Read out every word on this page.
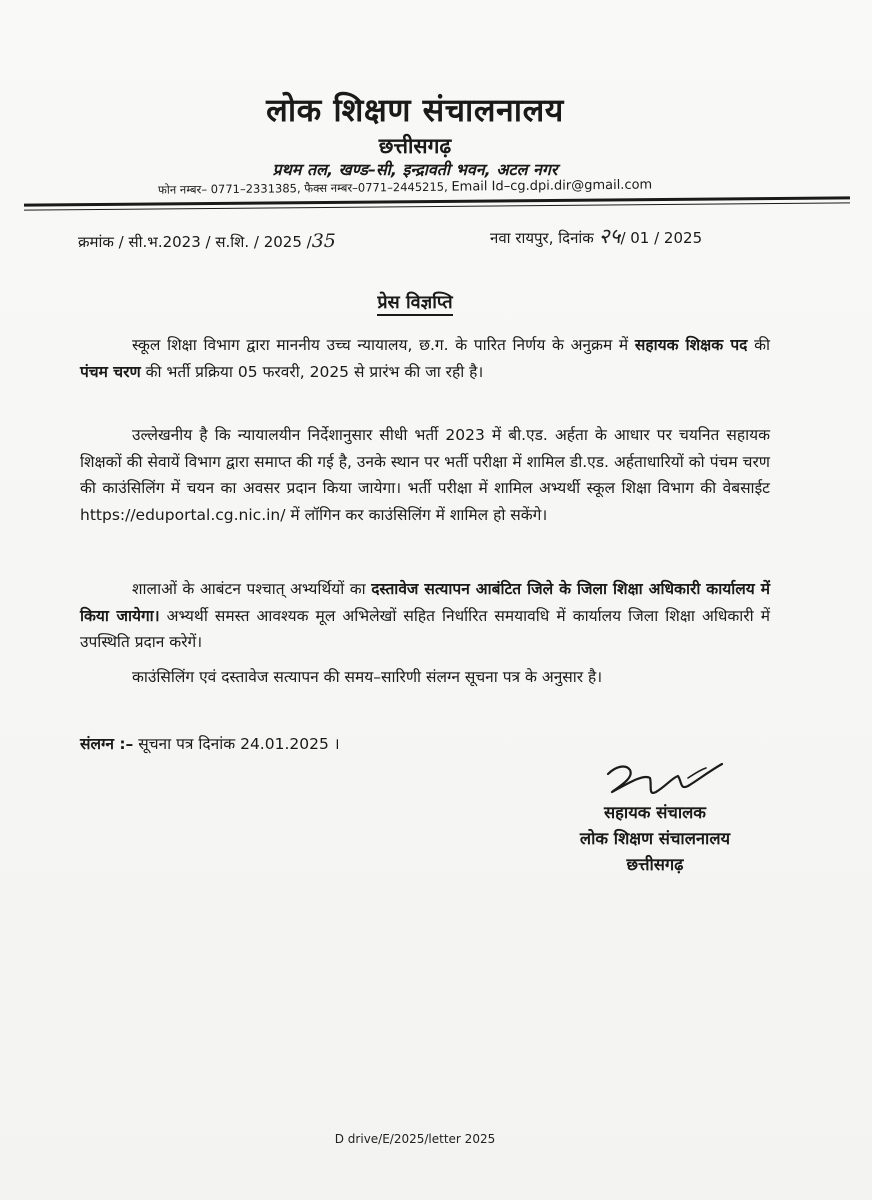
लोक शिक्षण संचालनालय
छत्तीसगढ़
प्रथम तल, खण्ड–सी, इन्द्रावती भवन, अटल नगर
फोन नम्बर– 0771–2331385, फैक्स नम्बर–0771–2445215, Email Id–cg.dpi.dir@gmail.com
क्रमांक / सी.भ.2023 / स.शि. / 2025 /35	नवा रायपुर, दिनांक २५/ 01 / 2025
प्रेस विज्ञप्ति
स्कूल शिक्षा विभाग द्वारा माननीय उच्च न्यायालय, छ.ग. के पारित निर्णय के अनुक्रम में सहायक शिक्षक पद की पंचम चरण की भर्ती प्रक्रिया 05 फरवरी, 2025 से प्रारंभ की जा रही है।
उल्लेखनीय है कि न्यायालयीन निर्देशानुसार सीधी भर्ती 2023 में बी.एड. अर्हता के आधार पर चयनित सहायक शिक्षकों की सेवायें विभाग द्वारा समाप्त की गई है, उनके स्थान पर भर्ती परीक्षा में शामिल डी.एड. अर्हताधारियों को पंचम चरण की काउंसिलिंग में चयन का अवसर प्रदान किया जायेगा। भर्ती परीक्षा में शामिल अभ्यर्थी स्कूल शिक्षा विभाग की वेबसाईट https://eduportal.cg.nic.in/ में लॉगिन कर काउंसिलिंग में शामिल हो सकेंगे।
शालाओं के आबंटन पश्चात् अभ्यर्थियों का दस्तावेज सत्यापन आबंटित जिले के जिला शिक्षा अधिकारी कार्यालय में किया जायेगा। अभ्यर्थी समस्त आवश्यक मूल अभिलेखों सहित निर्धारित समयावधि में कार्यालय जिला शिक्षा अधिकारी में उपस्थिति प्रदान करेगें।
काउंसिलिंग एवं दस्तावेज सत्यापन की समय–सारिणी संलग्न सूचना पत्र के अनुसार है।
संलग्न :– सूचना पत्र दिनांक 24.01.2025 ।
सहायक संचालक
लोक शिक्षण संचालनालय
छत्तीसगढ़
D drive/E/2025/letter 2025
